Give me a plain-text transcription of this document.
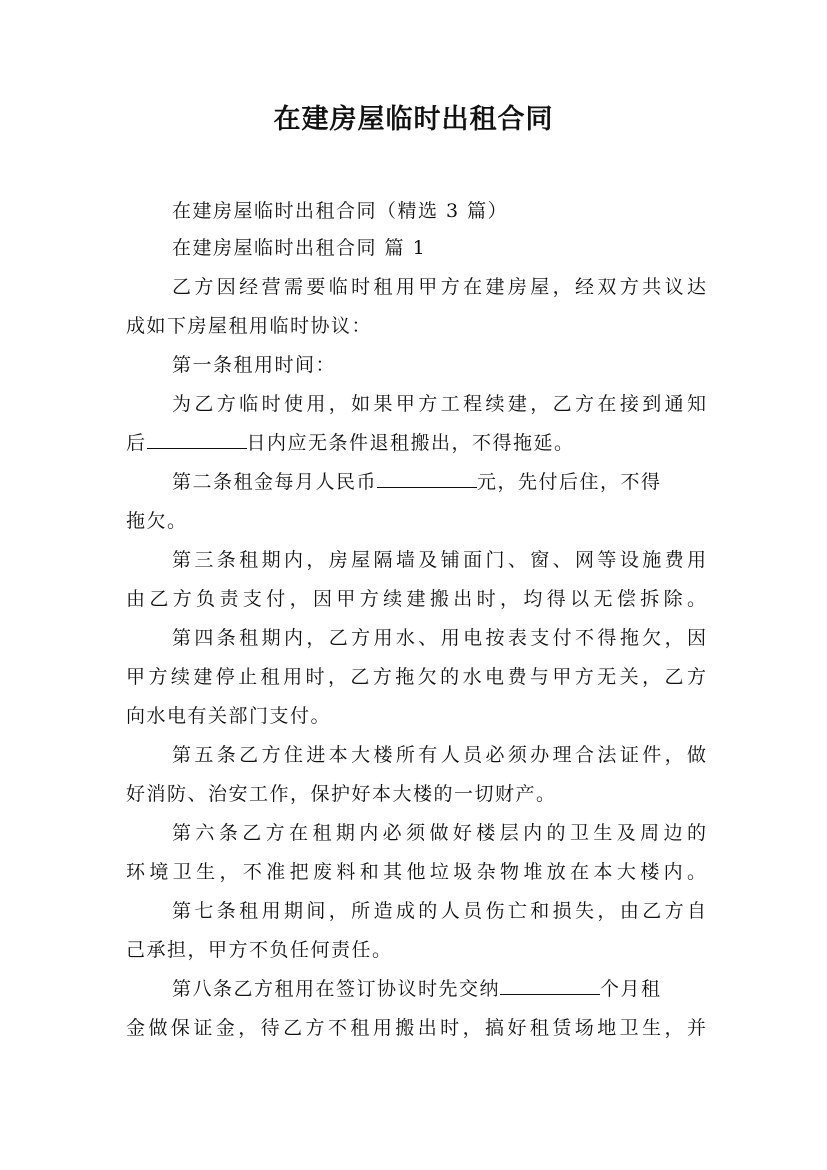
在建房屋临时出租合同
在建房屋临时出租合同（精选 3 篇）
在建房屋临时出租合同 篇 1
乙方因经营需要临时租用甲方在建房屋，经双方共议达
成如下房屋租用临时协议：
第一条租用时间：
为乙方临时使用，如果甲方工程续建，乙方在接到通知
后	日内应无条件退租搬出，不得拖延。
第二条租金每月人民币	元，先付后住，不得
拖欠。
第三条租期内，房屋隔墙及铺面门、窗、网等设施费用
由乙方负责支付，因甲方续建搬出时，均得以无偿拆除。
第四条租期内，乙方用水、用电按表支付不得拖欠，因
甲方续建停止租用时，乙方拖欠的水电费与甲方无关，乙方
向水电有关部门支付。
第五条乙方住进本大楼所有人员必须办理合法证件，做
好消防、治安工作，保护好本大楼的一切财产。
第六条乙方在租期内必须做好楼层内的卫生及周边的
环境卫生，不准把废料和其他垃圾杂物堆放在本大楼内。
第七条租用期间，所造成的人员伤亡和损失，由乙方自
己承担，甲方不负任何责任。
第八条乙方租用在签订协议时先交纳	个月租
金做保证金，待乙方不租用搬出时，搞好租赁场地卫生，并
